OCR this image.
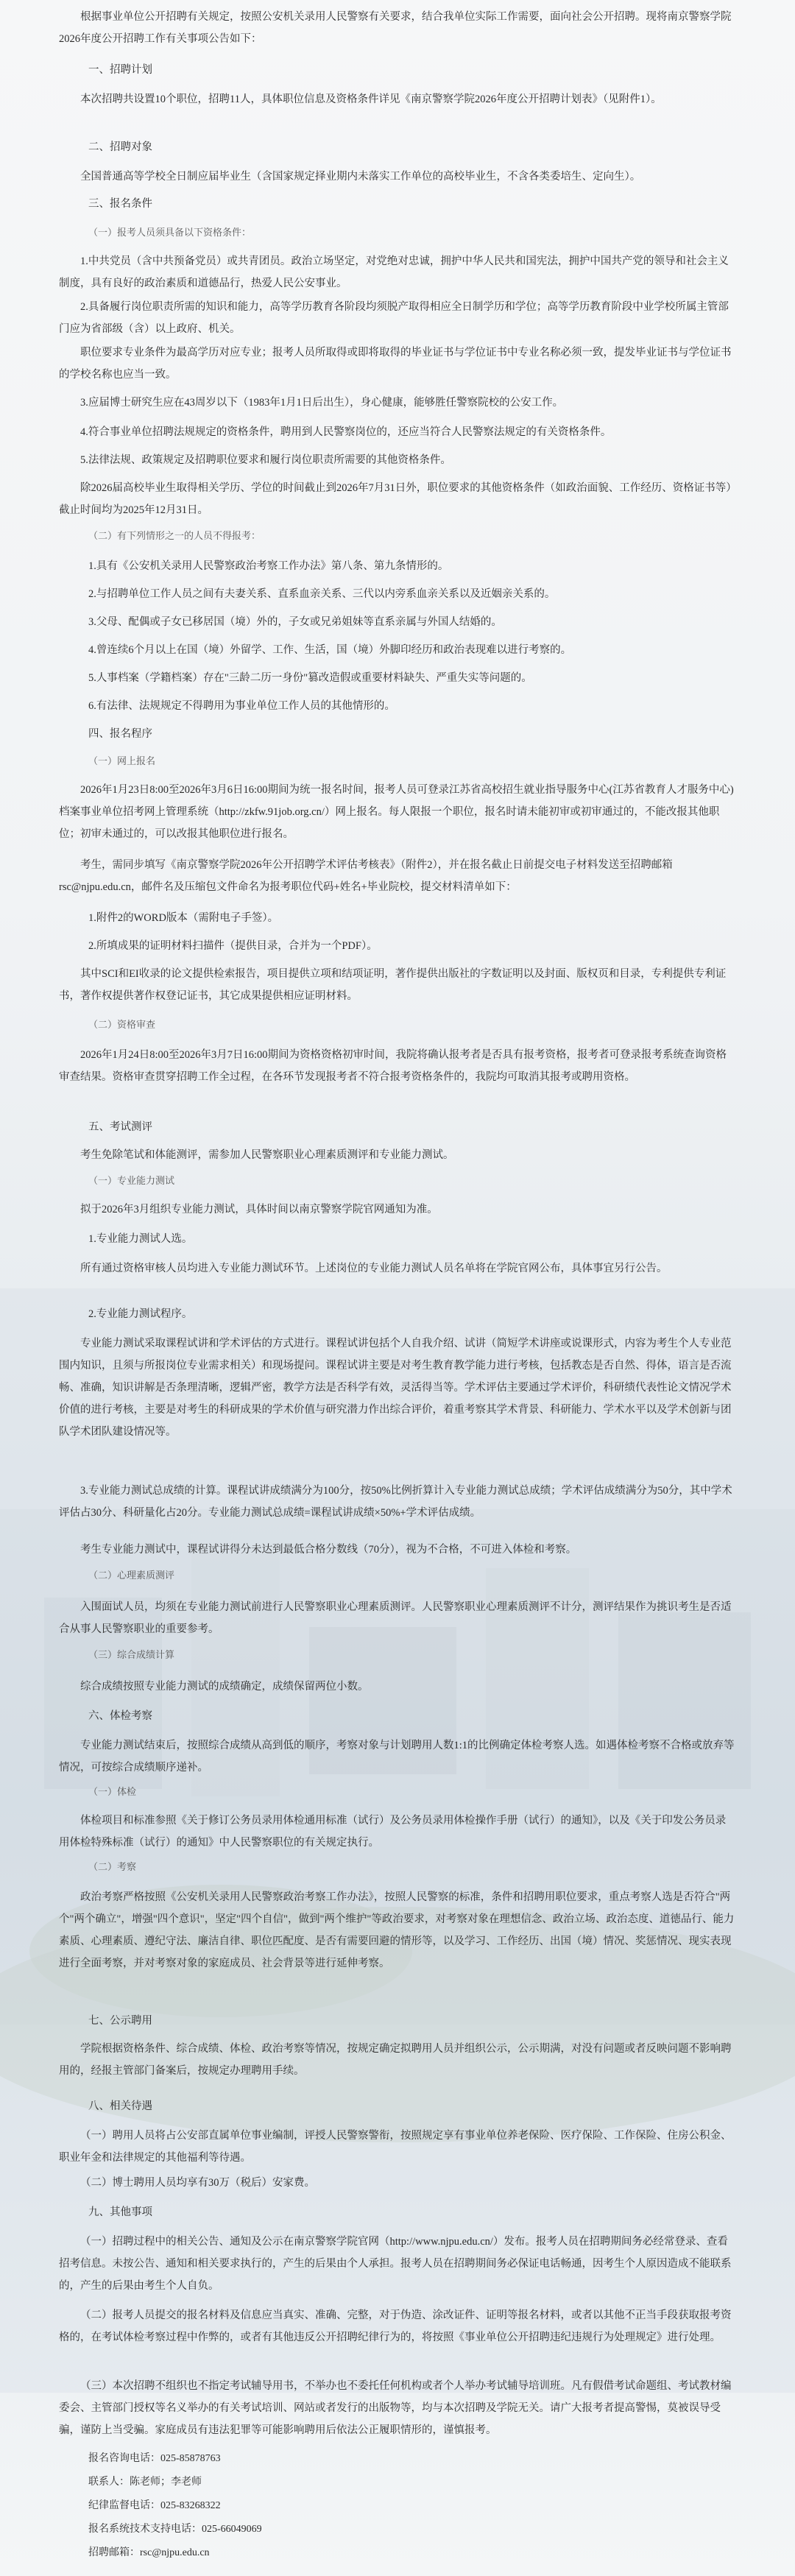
根据事业单位公开招聘有关规定，按照公安机关录用人民警察有关要求，结合我单位实际工作需要，面向社会公开招聘。现将南京警察学院2026年度公开招聘工作有关事项公告如下：

一、招聘计划

本次招聘共设置10个职位，招聘11人，具体职位信息及资格条件详见《南京警察学院2026年度公开招聘计划表》（见附件1）。

二、招聘对象

全国普通高等学校全日制应届毕业生（含国家规定择业期内未落实工作单位的高校毕业生，不含各类委培生、定向生）。

三、报名条件

（一）报考人员须具备以下资格条件：

1.中共党员（含中共预备党员）或共青团员。政治立场坚定，对党绝对忠诚，拥护中华人民共和国宪法，拥护中国共产党的领导和社会主义制度，具有良好的政治素质和道德品行，热爱人民公安事业。

2.具备履行岗位职责所需的知识和能力，高等学历教育各阶段均须脱产取得相应全日制学历和学位；高等学历教育阶段中业学校所属主管部门应为省部级（含）以上政府、机关。

职位要求专业条件为最高学历对应专业；报考人员所取得或即将取得的毕业证书与学位证书中专业名称必须一致，提发毕业证书与学位证书的学校名称也应当一致。

3.应届博士研究生应在43周岁以下（1983年1月1日后出生），身心健康，能够胜任警察院校的公安工作。

4.符合事业单位招聘法规规定的资格条件，聘用到人民警察岗位的，还应当符合人民警察法规定的有关资格条件。

5.法律法规、政策规定及招聘职位要求和履行岗位职责所需要的其他资格条件。

除2026届高校毕业生取得相关学历、学位的时间截止到2026年7月31日外，职位要求的其他资格条件（如政治面貌、工作经历、资格证书等）截止时间均为2025年12月31日。

（二）有下列情形之一的人员不得报考：

1.具有《公安机关录用人民警察政治考察工作办法》第八条、第九条情形的。

2.与招聘单位工作人员之间有夫妻关系、直系血亲关系、三代以内旁系血亲关系以及近姻亲关系的。

3.父母、配偶或子女已移居国（境）外的，子女或兄弟姐妹等直系亲属与外国人结婚的。

4.曾连续6个月以上在国（境）外留学、工作、生活，国（境）外脚印经历和政治表现难以进行考察的。

5.人事档案（学籍档案）存在"三龄二历一身份"篡改造假或重要材料缺失、严重失实等问题的。

6.有法律、法规规定不得聘用为事业单位工作人员的其他情形的。

四、报名程序

（一）网上报名

2026年1月23日8:00至2026年3月6日16:00期间为统一报名时间，报考人员可登录江苏省高校招生就业指导服务中心(江苏省教育人才服务中心)档案事业单位招考网上管理系统（http://zkfw.91job.org.cn/）网上报名。每人限报一个职位，报名时请未能初审或初审通过的，不能改报其他职位；初审未通过的，可以改报其他职位进行报名。

考生，需同步填写《南京警察学院2026年公开招聘学术评估考核表》（附件2），并在报名截止日前提交电子材料发送至招聘邮箱rsc@njpu.edu.cn，邮件名及压缩包文件命名为报考职位代码+姓名+毕业院校，提交材料清单如下：

1.附件2的WORD版本（需附电子手签）。

2.所填成果的证明材料扫描件（提供目录，合并为一个PDF）。

其中SCI和EI收录的论文提供检索报告，项目提供立项和结项证明，著作提供出版社的字数证明以及封面、版权页和目录，专利提供专利证书，著作权提供著作权登记证书，其它成果提供相应证明材料。

（二）资格审查

2026年1月24日8:00至2026年3月7日16:00期间为资格资格初审时间，我院将确认报考者是否具有报考资格，报考者可登录报考系统查询资格审查结果。资格审查贯穿招聘工作全过程，在各环节发现报考者不符合报考资格条件的，我院均可取消其报考或聘用资格。

五、考试测评

考生免除笔试和体能测评，需参加人民警察职业心理素质测评和专业能力测试。

（一）专业能力测试

拟于2026年3月组织专业能力测试，具体时间以南京警察学院官网通知为准。

1.专业能力测试人选。

所有通过资格审核人员均进入专业能力测试环节。上述岗位的专业能力测试人员名单将在学院官网公布，具体事宜另行公告。

2.专业能力测试程序。

专业能力测试采取课程试讲和学术评估的方式进行。课程试讲包括个人自我介绍、试讲（简短学术讲座或说课形式，内容为考生个人专业范围内知识，且须与所报岗位专业需求相关）和现场提问。课程试讲主要是对考生教育教学能力进行考核，包括教态是否自然、得体，语言是否流畅、准确，知识讲解是否条理清晰，逻辑严密，教学方法是否科学有效，灵活得当等。学术评估主要通过学术评价，科研绩代表性论文情况学术价值的进行考核，主要是对考生的科研成果的学术价值与研究潜力作出综合评价，着重考察其学术背景、科研能力、学术水平以及学术创新与团队学术团队建设情况等。

3.专业能力测试总成绩的计算。课程试讲成绩满分为100分，按50%比例折算计入专业能力测试总成绩；学术评估成绩满分为50分，其中学术评估占30分、科研量化占20分。专业能力测试总成绩=课程试讲成绩×50%+学术评估成绩。

考生专业能力测试中，课程试讲得分未达到最低合格分数线（70分），视为不合格，不可进入体检和考察。

（二）心理素质测评

入围面试人员，均须在专业能力测试前进行人民警察职业心理素质测评。人民警察职业心理素质测评不计分，测评结果作为挑识考生是否适合从事人民警察职业的重要参考。

（三）综合成绩计算

综合成绩按照专业能力测试的成绩确定，成绩保留两位小数。

六、体检考察

专业能力测试结束后，按照综合成绩从高到低的顺序，考察对象与计划聘用人数1:1的比例确定体检考察人选。如遇体检考察不合格或放弃等情况，可按综合成绩顺序递补。

（一）体检

体检项目和标准参照《关于修订公务员录用体检通用标准（试行）及公务员录用体检操作手册（试行）的通知》，以及《关于印发公务员录用体检特殊标准（试行）的通知》中人民警察职位的有关规定执行。

（二）考察

政治考察严格按照《公安机关录用人民警察政治考察工作办法》，按照人民警察的标准，条件和招聘用职位要求，重点考察人选是否符合"两个"两个确立"，增强"四个意识"，坚定"四个自信"，做到"两个维护"等政治要求，对考察对象在理想信念、政治立场、政治态度、道德品行、能力素质、心理素质、遵纪守法、廉洁自律、职位匹配度、是否有需要回避的情形等，以及学习、工作经历、出国（境）情况、奖惩情况、现实表现进行全面考察，并对考察对象的家庭成员、社会背景等进行延伸考察。

七、公示聘用

学院根据资格条件、综合成绩、体检、政治考察等情况，按规定确定拟聘用人员并组织公示，公示期满，对没有问题或者反映问题不影响聘用的，经报主管部门备案后，按规定办理聘用手续。

八、相关待遇

（一）聘用人员将占公安部直属单位事业编制，评授人民警察警衔，按照规定享有事业单位养老保险、医疗保险、工作保险、住房公积金、职业年金和法律规定的其他福利等待遇。

（二）博士聘用人员均享有30万（税后）安家费。

九、其他事项

（一）招聘过程中的相关公告、通知及公示在南京警察学院官网（http://www.njpu.edu.cn/）发布。报考人员在招聘期间务必经常登录、查看招考信息。未按公告、通知和相关要求执行的，产生的后果由个人承担。报考人员在招聘期间务必保证电话畅通，因考生个人原因造成不能联系的，产生的后果由考生个人自负。

（二）报考人员提交的报名材料及信息应当真实、准确、完整，对于伪造、涂改证件、证明等报名材料，或者以其他不正当手段获取报考资格的，在考试体检考察过程中作弊的，或者有其他违反公开招聘纪律行为的，将按照《事业单位公开招聘违纪违规行为处理规定》进行处理。

（三）本次招聘不组织也不指定考试辅导用书，不举办也不委托任何机构或者个人举办考试辅导培训班。凡有假借考试命题组、考试教材编委会、主管部门授权等名义举办的有关考试培训、网站或者发行的出版物等，均与本次招聘及学院无关。请广大报考者提高警惕，莫被误导受骗，谨防上当受骗。家庭成员有违法犯罪等可能影响聘用后依法公正履职情形的，谨慎报考。

报名咨询电话：025-85878763

联系人：陈老师；李老师

纪律监督电话：025-83268322

报名系统技术支持电话：025-66049069

招聘邮箱：rsc@njpu.edu.cn
